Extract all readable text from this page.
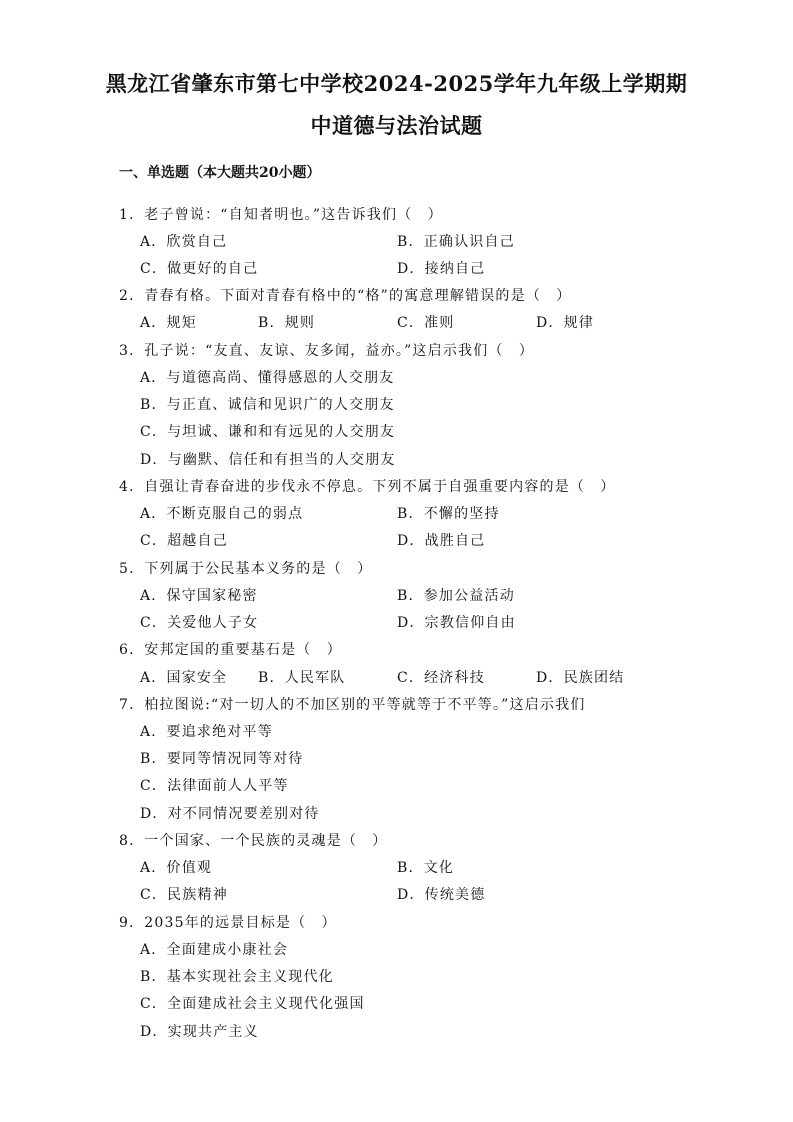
黑龙江省肇东市第七中学校2024-2025学年九年级上学期期
中道德与法治试题
一、单选题（本大题共20小题）
1．老子曾说：“自知者明也。”这告诉我们（　）
A．欣赏自己	B．正确认识自己
C．做更好的自己	D．接纳自己
2．青春有格。下面对青春有格中的“格”的寓意理解错误的是（　）
A．规矩	B．规则	C．准则	D．规律
3．孔子说：“友直、友谅、友多闻，益亦。”这启示我们（　）
A．与道德高尚、懂得感恩的人交朋友
B．与正直、诚信和见识广的人交朋友
C．与坦诚、谦和和有远见的人交朋友
D．与幽默、信任和有担当的人交朋友
4．自强让青春奋进的步伐永不停息。下列不属于自强重要内容的是（　）
A．不断克服自己的弱点	B．不懈的坚持
C．超越自己	D．战胜自己
5．下列属于公民基本义务的是（　）
A．保守国家秘密	B．参加公益活动
C．关爱他人子女	D．宗教信仰自由
6．安邦定国的重要基石是（　）
A．国家安全 B．人民军队	C．经济科技	D．民族团结
7．柏拉图说:“对一切人的不加区别的平等就等于不平等。”这启示我们
A．要追求绝对平等
B．要同等情况同等对待
C．法律面前人人平等
D．对不同情况要差别对待
8．一个国家、一个民族的灵魂是（　）
A．价值观	B．文化
C．民族精神	D．传统美德
9．2035年的远景目标是（　）
A．全面建成小康社会
B．基本实现社会主义现代化
C．全面建成社会主义现代化强国
D．实现共产主义
